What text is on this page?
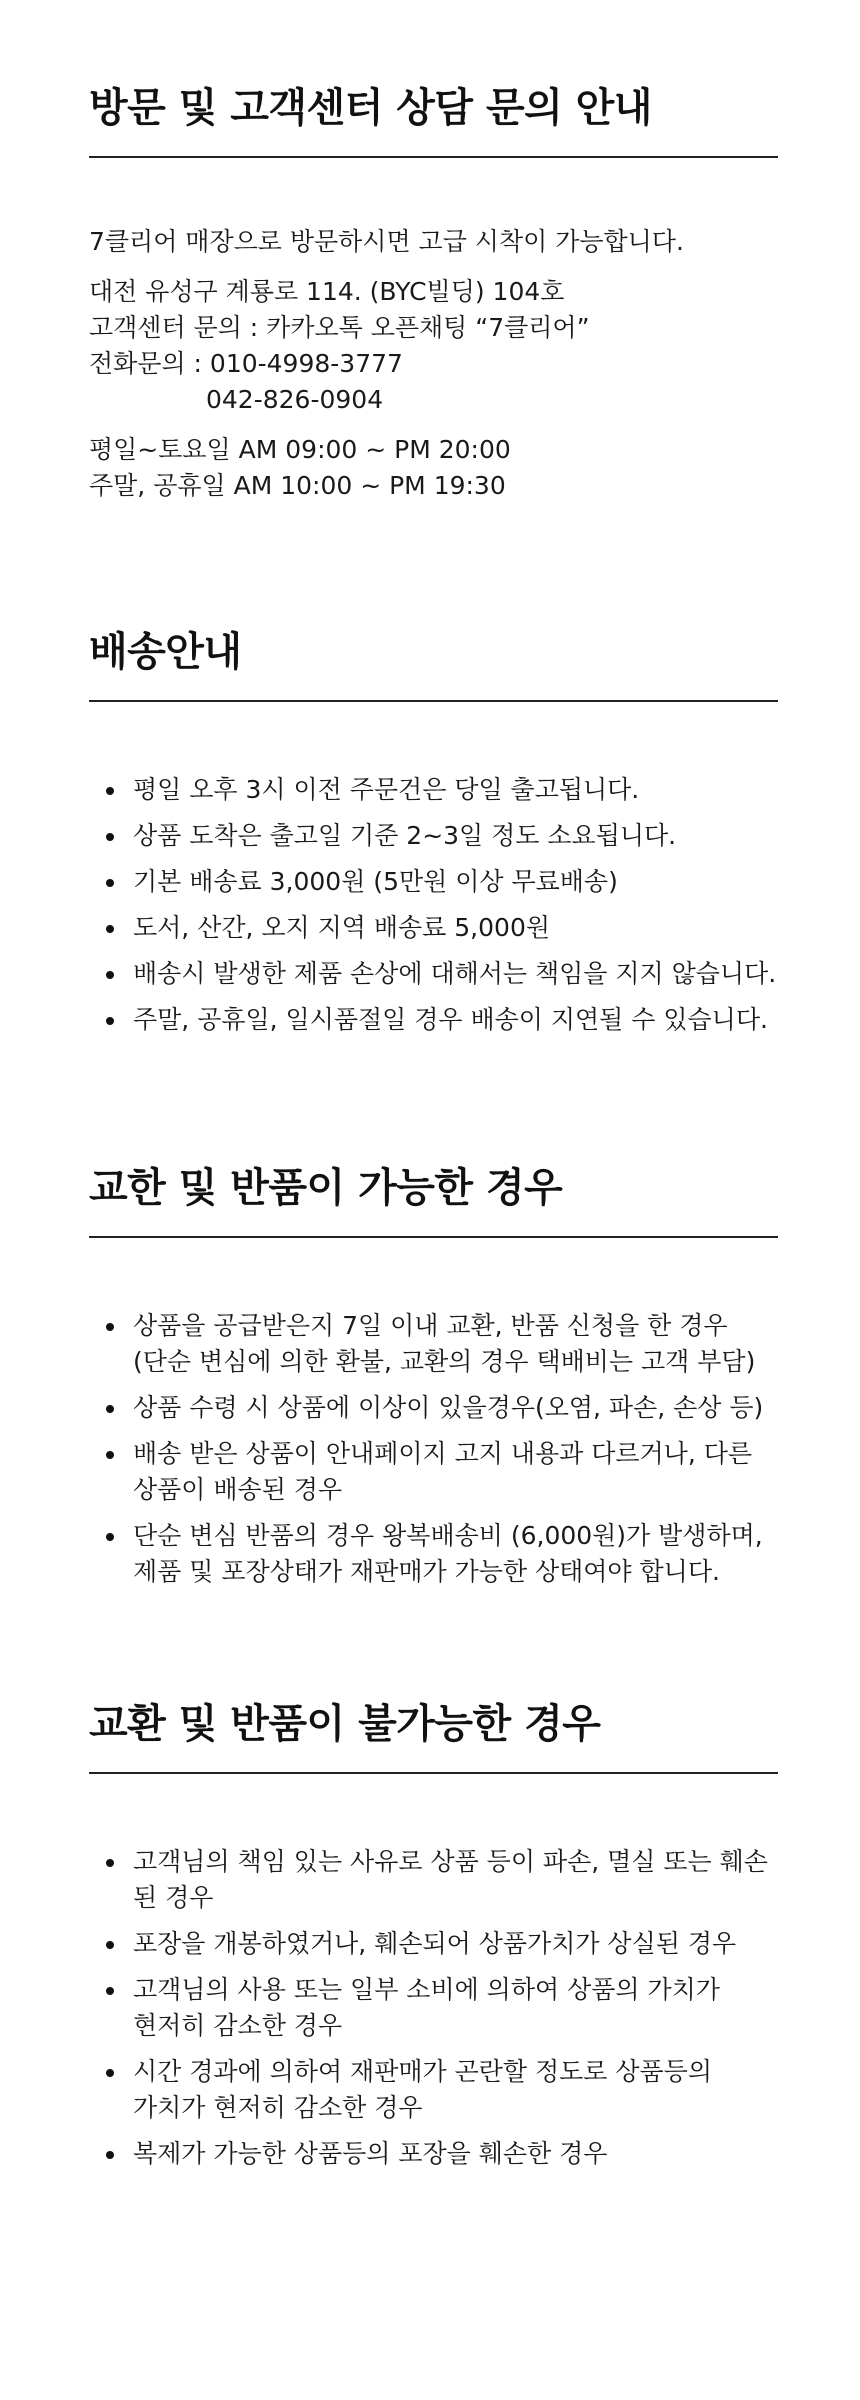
방문 및 고객센터 상담 문의 안내
7클리어 매장으로 방문하시면 고급 시착이 가능합니다.
대전 유성구 계룡로 114. (BYC빌딩) 104호
고객센터 문의 : 카카오톡 오픈채팅 “7클리어”
전화문의 : 010-4998-3777
042-826-0904
평일~토요일 AM 09:00 ~ PM 20:00
주말, 공휴일 AM 10:00 ~ PM 19:30
배송안내
평일 오후 3시 이전 주문건은 당일 출고됩니다.
상품 도착은 출고일 기준 2~3일 정도 소요됩니다.
기본 배송료 3,000원 (5만원 이상 무료배송)
도서, 산간, 오지 지역 배송료 5,000원
배송시 발생한 제품 손상에 대해서는 책임을 지지 않습니다.
주말, 공휴일, 일시품절일 경우 배송이 지연될 수 있습니다.
교한 및 반품이 가능한 경우
상품을 공급받은지 7일 이내 교환, 반품 신청을 한 경우
(단순 변심에 의한 환불, 교환의 경우 택배비는 고객 부담)
상품 수령 시 상품에 이상이 있을경우(오염, 파손, 손상 등)
배송 받은 상품이 안내페이지 고지 내용과 다르거나, 다른
상품이 배송된 경우
단순 변심 반품의 경우 왕복배송비 (6,000원)가 발생하며,
제품 및 포장상태가 재판매가 가능한 상태여야 합니다.
교환 및 반품이 불가능한 경우
고객님의 책임 있는 사유로 상품 등이 파손, 멸실 또는 훼손
된 경우
포장을 개봉하였거나, 훼손되어 상품가치가 상실된 경우
고객님의 사용 또는 일부 소비에 의하여 상품의 가치가
현저히 감소한 경우
시간 경과에 의하여 재판매가 곤란할 정도로 상품등의
가치가 현저히 감소한 경우
복제가 가능한 상품등의 포장을 훼손한 경우
